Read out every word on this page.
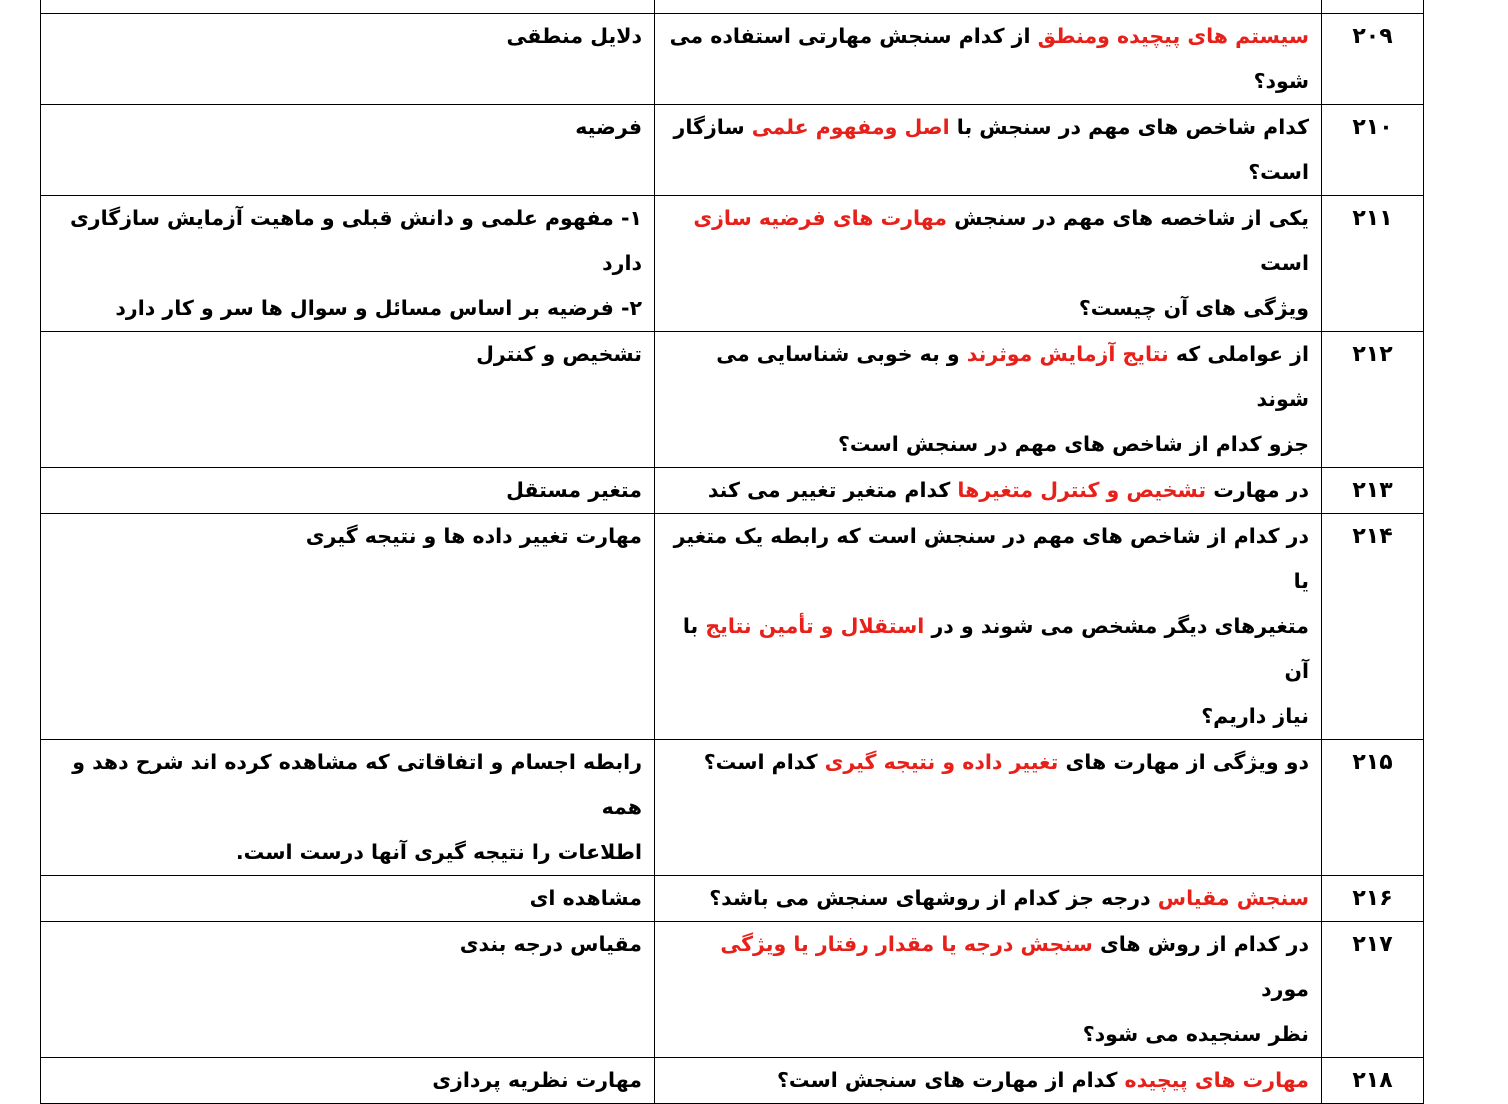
۲۰۹	سیستم های پیچیده ومنطق از کدام سنجش مهارتی استفاده می
شود؟	دلایل منطقی

۲۱۰	کدام شاخص های مهم در سنجش با اصل ومفهوم علمی سازگار
است؟	فرضیه

۲۱۱	یکی از شاخصه های مهم در سنجش مهارت های فرضیه سازی است
ویژگی های آن چیست؟	۱- مفهوم علمی و دانش قبلی و ماهیت آزمایش سازگاری دارد
۲- فرضیه بر اساس مسائل و سوال ها سر و کار دارد

۲۱۲	از عواملی که نتایج آزمایش موثرند و به خوبی شناسایی می شوند
جزو کدام از شاخص های مهم در سنجش است؟	تشخیص و کنترل

۲۱۳	در مهارت تشخیص و کنترل متغیرها کدام متغیر تغییر می کند	متغیر مستقل

۲۱۴	در کدام از شاخص های مهم در سنجش است که رابطه یک متغیر یا
متغیرهای دیگر مشخص می شوند و در استقلال و تأمین نتایج با آن
نیاز داریم؟	مهارت تغییر داده ها و نتیجه گیری

۲۱۵	دو ویژگی از مهارت های تغییر داده و نتیجه گیری کدام است؟	رابطه اجسام و اتفاقاتی که مشاهده کرده اند شرح دهد و همه
اطلاعات را نتیجه گیری آنها درست است.

۲۱۶	سنجش مقیاس درجه جز کدام از روشهای سنجش می باشد؟	مشاهده ای

۲۱۷	در کدام از روش های سنجش درجه یا مقدار رفتار یا ویژگی مورد
نظر سنجیده می شود؟	مقیاس درجه بندی

۲۱۸	مهارت های پیچیده کدام از مهارت های سنجش است؟	مهارت نظریه پردازی
